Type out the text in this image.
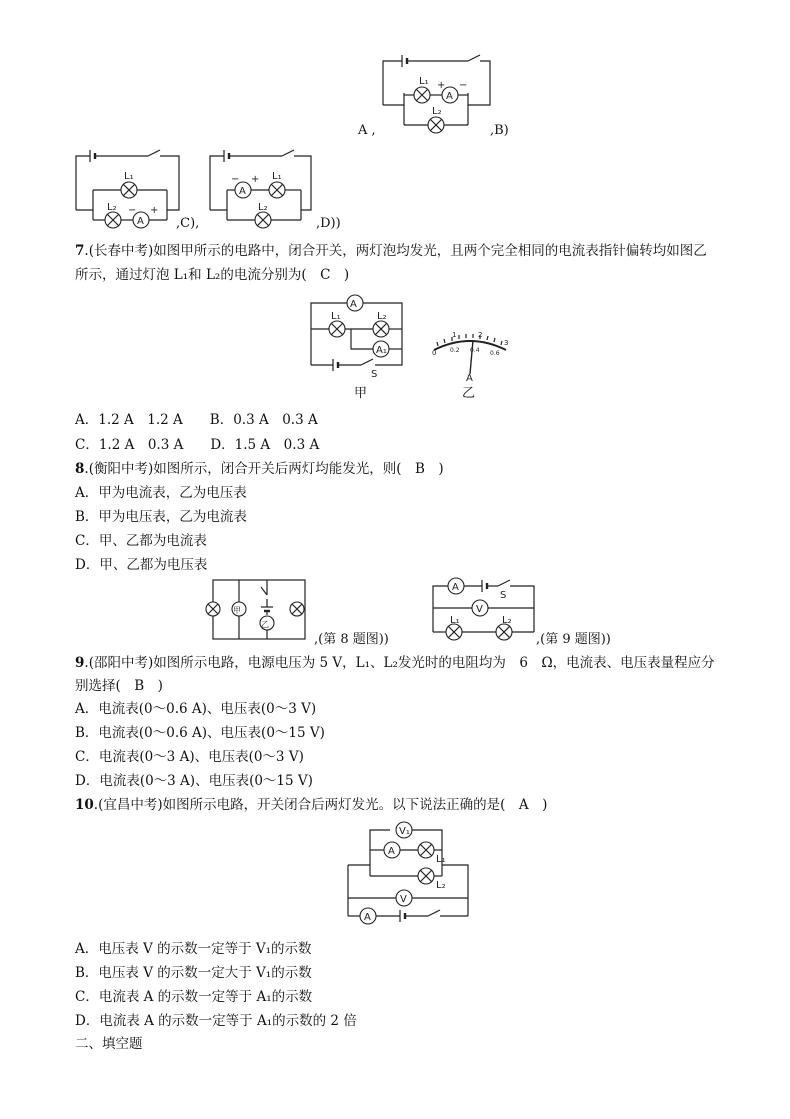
A
L₁ + −
L₂
A ,	,B)
L₁
L₂
A
− +
,C),
A
− + L₁
L₂
,D))
7.(长春中考)如图甲所示的电路中，闭合开关，两灯泡均发光，且两个完全相同的电流表指针偏转均如图乙
所示，通过灯泡 L₁和 L₂的电流分别为(　C　)
A
L₁	L₂
A₁
S
甲
0
1	2
3
0.2 0.4 0.6
A
乙
A．1.2 A　1.2 A　　B．0.3 A　0.3 A
C．1.2 A　0.3 A　　D．1.5 A　0.3 A
8.(衡阳中考)如图所示，闭合开关后两灯均能发光，则(　B　)
A．甲为电流表，乙为电压表
B．甲为电压表，乙为电流表
C．甲、乙都为电流表
D．甲、乙都为电压表
甲
乙
,(第 8 题图))
A
S
V
L₁	L₂
,(第 9 题图))
9.(邵阳中考)如图所示电路，电源电压为 5 V，L₁、L₂发光时的电阻均为　6　Ω，电流表、电压表量程应分
别选择(　B　)
A．电流表(0～0.6 A)、电压表(0～3 V)
B．电流表(0～0.6 A)、电压表(0～15 V)
C．电流表(0～3 A)、电压表(0～3 V)
D．电流表(0～3 A)、电压表(0～15 V)
10.(宜昌中考)如图所示电路，开关闭合后两灯发光。以下说法正确的是(　A　)
V₁
A
L₁
L₂
V
A
A．电压表 V 的示数一定等于 V₁的示数
B．电压表 V 的示数一定大于 V₁的示数
C．电流表 A 的示数一定等于 A₁的示数
D．电流表 A 的示数一定等于 A₁的示数的 2 倍
二、填空题
